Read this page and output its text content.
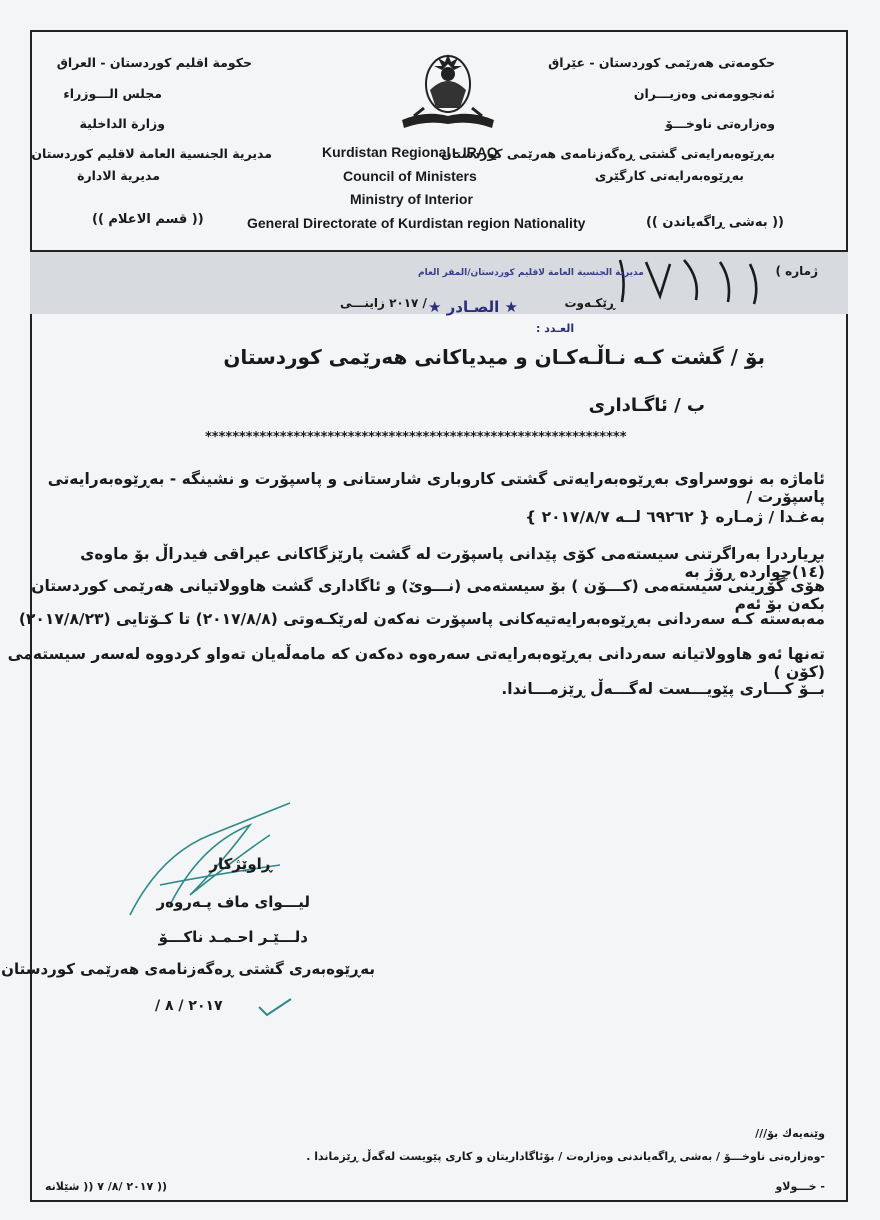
حكومة اقليم كوردستان - العراق
مجلس الـــوزراء
وزارة الداخلية
مديرية الجنسية العامة لاقليم كوردستان
مديرية الادارة
(( قسم الاعلام ))
Kurdistan Regional - IRAQ
Council of Ministers
Ministry of Interior
General Directorate of Kurdistan region Nationality
حكومەتی هەرێمی كوردستان - عێراق
ئەنجوومەنی وەزیـــران
وەزارەتی ناوخـــۆ
بەڕێوەبەرایەتی گشتی ڕەگەزنامەی هەرێمی كوردستان
بەڕێوەبەرایەتی كارگێری
(( بەشی ڕاگەیاندن ))
ژمارە )
ڕێكـەوت
/ ٢٠١٧ زاینـــی
مديرية الجنسية العامة لاقليم كوردستان/المقر العام
★ الصـادر ★
العـدد :
بۆ / گشت كـە نـاڵـەكـان و میدیاكانی هەرێمی كوردستان
ب / ئاگـاداری
**************************************************************
ئاماژە بە نووسراوی بەڕێوەبەرایەتی گشتی كاروباری شارستانی و پاسپۆرت و نشینگە - بەڕێوەبەرایەتی پاسپۆرت /
بەغـدا / ژمـارە { ٦٩٢٦٢ لــە ٢٠١٧/٨/٧ }
بڕیاردرا بەراگرتنی سیستەمی كۆی پێدانی پاسپۆرت لە گشت پارێزگاكانی عیراقی فیدراڵ بۆ ماوەی (١٤)چواردە ڕۆژ بە
هۆی گۆڕینی سیستەمی (كـــۆن ) بۆ سیستەمی (نـــوێ) و ئاگاداری گشت هاوولاتیانی هەرێمی كوردستان بكەن بۆ ئەم
مەبەستە كـە سەردانی بەڕێوەبەرایەتیەكانی پاسپۆرت نەكەن لەرێكـەوتی (٢٠١٧/٨/٨) تا كـۆتایی (٢٠١٧/٨/٢٣)
تەنها ئەو هاوولاتیانە سەردانی بەڕێوەبەرایەتی سەرەوە دەكەن كە مامەڵەیان تەواو كردووە لەسەر سیستەمی (كۆن )
بــۆ كـــاری پێویـــست لەگـــەڵ ڕێزمـــاندا.
ڕاوێژكار
لیـــوای ماف پـەروەر
دلـــێـر احـمـد ناكـــۆ
بەڕێوەبەری گشتی ڕەگەزنامەی هەرێمی كوردستان
٢٠١٧ / ٨ /
وێنەیەك بۆ///
-وەزارەتی ناوخـــۆ / بەشی ڕاگەیاندنی وەزارەت / بۆئاگاداریتان و كاری پێویست لەگەڵ ڕێزماندا .
- خـــولاو
(( ٢٠١٧ /٨/ ٧ (( شێلانە
